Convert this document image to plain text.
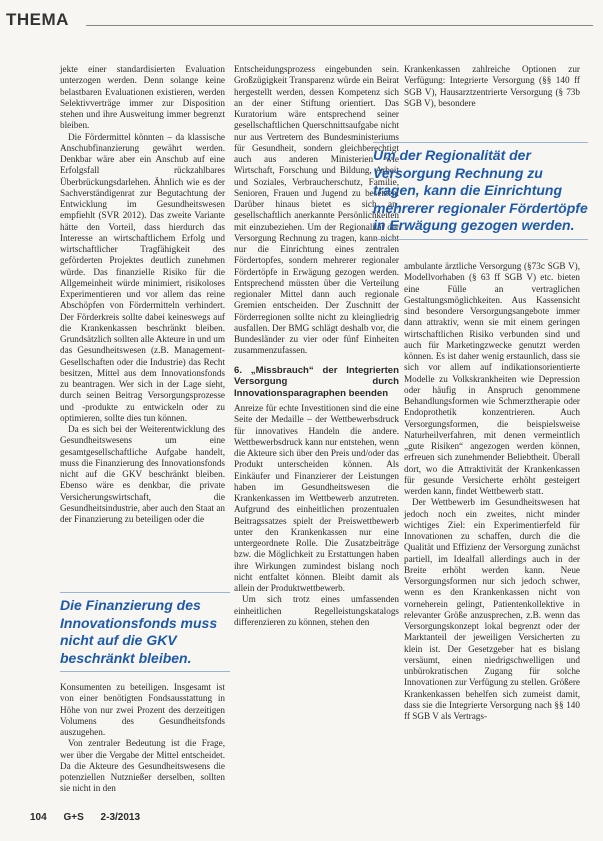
THEMA

jekte einer standardisierten Evaluation unterzogen werden. Denn solange keine belastbaren Evaluationen existieren, werden Selektivverträge immer zur Disposition stehen und ihre Ausweitung immer begrenzt bleiben.

Die Fördermittel könnten – da klassische Anschubfinanzierung gewährt werden. Denkbar wäre aber ein Anschub auf eine Erfolgsfall rückzahlbares Überbrückungsdarlehen. Ähnlich wie es der Sachverständigenrat zur Begutachtung der Entwicklung im Gesundheitswesen empfiehlt (SVR 2012). Das zweite Variante hätte den Vorteil, dass hierdurch das Interesse an wirtschaftlichem Erfolg und wirtschaftlicher Tragfähigkeit des geförderten Projektes deutlich zunehmen würde. Das finanzielle Risiko für die Allgemeinheit würde minimiert, risikoloses Experimentieren und vor allem das reine Abschöpfen von Fördermitteln verhindert. Der Förderkreis sollte dabei keineswegs auf die Krankenkassen beschränkt bleiben. Grundsätzlich sollten alle Akteure in und um das Gesundheitswesen (z.B. Management-Gesellschaften oder die Industrie) das Recht besitzen, Mittel aus dem Innovationsfonds zu beantragen. Wer sich in der Lage sieht, durch seinen Beitrag Versorgungsprozesse und -produkte zu entwickeln oder zu optimieren, sollte dies tun können.

Da es sich bei der Weiterentwicklung des Gesundheitswesens um eine gesamtgesellschaftliche Aufgabe handelt, muss die Finanzierung des Innovationsfonds nicht auf die GKV beschränkt bleiben. Ebenso wäre es denkbar, die private Versicherungswirtschaft, die Gesundheitsindustrie, aber auch den Staat an der Finanzierung zu beteiligen oder die

Die Finanzierung des Innovationsfonds muss nicht auf die GKV beschränkt bleiben.

Konsumenten zu beteiligen. Insgesamt ist von einer benötigten Fondsausstattung in Höhe von nur zwei Prozent des derzeitigen Volumens des Gesundheitsfonds auszugehen.

Von zentraler Bedeutung ist die Frage, wer über die Vergabe der Mittel entscheidet. Da die Akteure des Gesundheitswesens die potenziellen Nutznießer derselben, sollten sie nicht in den

Entscheidungsprozess eingebunden sein. Großzügigkeit Transparenz würde ein Beirat hergestellt werden, dessen Kompetenz sich an der einer Stiftung orientiert. Das Kuratorium wäre entsprechend seiner gesellschaftlichen Querschnittsaufgabe nicht nur aus Vertretern des Bundesministeriums für Gesundheit, sondern gleichberechtigt auch aus anderen Ministerien wie Wirtschaft, Forschung und Bildung, Arbeit und Soziales, Verbraucherschutz, Familie, Senioren, Frauen und Jugend zu besetzen. Darüber hinaus bietet es sich an, gesellschaftlich anerkannte Persönlichkeiten mit einzubeziehen. Um der Regionalität der Versorgung Rechnung zu tragen, kann nicht nur die Einrichtung eines zentralen Fördertopfes, sondern mehrerer regionaler Fördertöpfe in Erwägung gezogen werden. Entsprechend müssten über die Verteilung regionaler Mittel dann auch regionale Gremien entscheiden. Der Zuschnitt der Förderregionen sollte nicht zu kleingliedrig ausfallen. Der BMG schlägt deshalb vor, die Bundesländer zu vier oder fünf Einheiten zusammenzufassen.

6. „Missbrauch“ der Integrierten Versorgung durch Innovationsparagraphen beenden

Anreize für echte Investitionen sind die eine Seite der Medaille – der Wettbewerbsdruck für innovatives Handeln die andere. Wettbewerbsdruck kann nur entstehen, wenn die Akteure sich über den Preis und/oder das Produkt unterscheiden können. Als Einkäufer und Finanzierer der Leistungen haben im Gesundheitswesen die Krankenkassen im Wettbewerb anzutreten. Aufgrund des einheitlichen prozentualen Beitragssatzes spielt der Preiswettbewerb unter den Krankenkassen nur eine untergeordnete Rolle. Die Zusatzbeiträge bzw. die Möglichkeit zu Erstattungen haben ihre Wirkungen zumindest bislang noch nicht entfaltet können. Bleibt damit als allein der Produktwettbewerb.

Um sich trotz eines umfassenden einheitlichen Regelleistungskatalogs differenzieren zu können, stehen den

Um der Regionalität der Versorgung Rechnung zu tragen, kann die Einrichtung mehrerer regionaler Fördertöpfe in Erwägung gezogen werden.

Krankenkassen zahlreiche Optionen zur Verfügung: Integrierte Versorgung (§§ 140 ff SGB V), Hausarztzentrierte Versorgung (§ 73b SGB V), besondere

ambulante ärztliche Versorgung (§73c SGB V), Modellvorhaben (§ 63 ff SGB V) etc. bieten eine Fülle an vertraglichen Gestaltungsmöglichkeiten. Aus Kassensicht sind besondere Versorgungsangebote immer dann attraktiv, wenn sie mit einem geringen wirtschaftlichen Risiko verbunden sind und auch für Marketingzwecke genutzt werden können. Es ist daher wenig erstaunlich, dass sie sich vor allem auf indikationsorientierte Modelle zu Volkskrankheiten wie Depression oder häufig in Anspruch genommene Behandlungsformen wie Schmerztherapie oder Endoprothetik konzentrieren. Auch Versorgungsformen, die beispielsweise Naturheilverfahren, mit denen vermeintlich „gute Risiken“ angezogen werden können, erfreuen sich zunehmender Beliebtheit. Überall dort, wo die Attraktivität der Krankenkassen für gesunde Versicherte erhöht gesteigert werden kann, findet Wettbewerb statt.

Der Wettbewerb im Gesundheitswesen hat jedoch noch ein zweites, nicht minder wichtiges Ziel: ein Experimentierfeld für Innovationen zu schaffen, durch die die Qualität und Effizienz der Versorgung zunächst partiell, im Idealfall allerdings auch in der Breite erhöht werden kann. Neue Versorgungsformen nur sich jedoch schwer, wenn es den Krankenkassen nicht von vorneherein gelingt, Patientenkollektive in relevanter Größe anzusprechen, z.B. wenn das Versorgungskonzept lokal begrenzt oder der Marktanteil der jeweiligen Versicherten zu klein ist. Der Gesetzgeber hat es bislang versäumt, einen niedrigschwelligen und unbürokratischen Zugang für solche Innovationen zur Verfügung zu stellen. Größere Krankenkassen behelfen sich zumeist damit, dass sie die Integrierte Versorgung nach §§ 140 ff SGB V als Vertrags-

104 G+S 2-3/2013
